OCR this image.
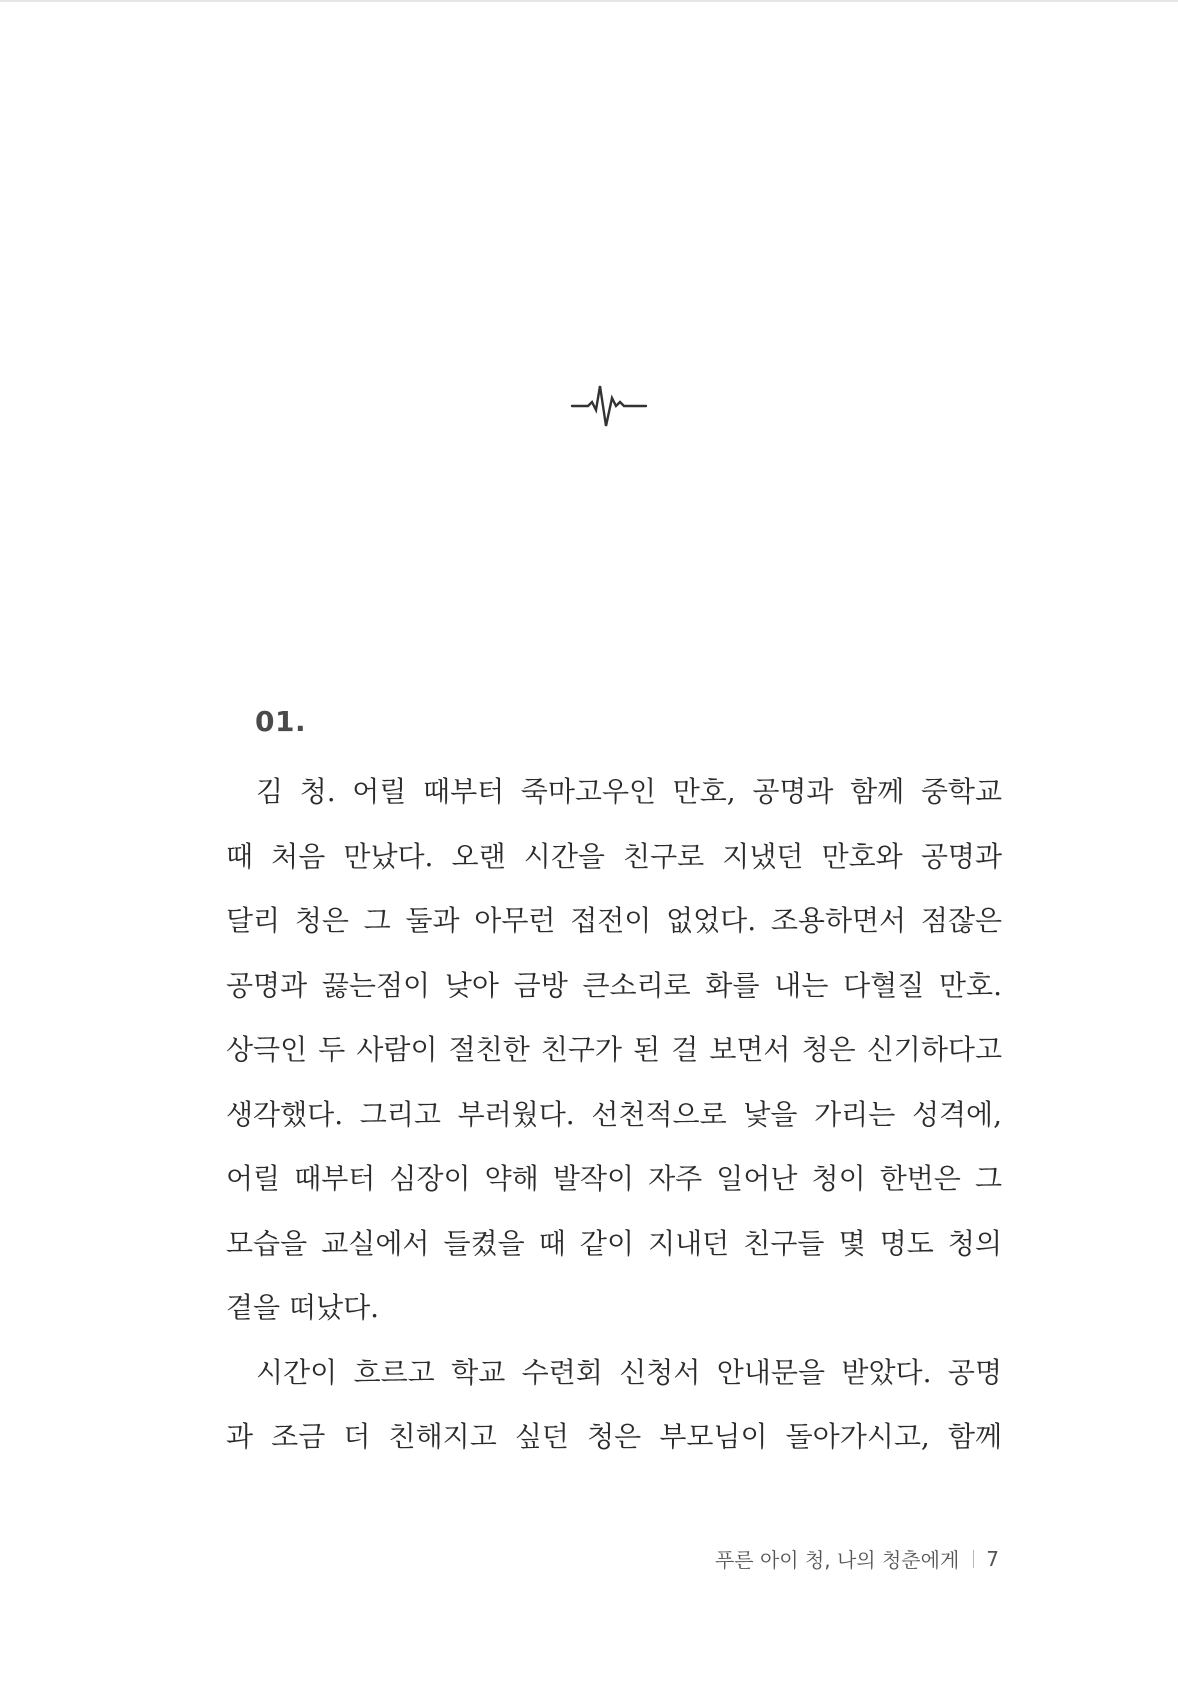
01.
김 청. 어릴 때부터 죽마고우인 만호, 공명과 함께 중학교
때 처음 만났다. 오랜 시간을 친구로 지냈던 만호와 공명과
달리 청은 그 둘과 아무런 접전이 없었다. 조용하면서 점잖은
공명과 끓는점이 낮아 금방 큰소리로 화를 내는 다혈질 만호.
상극인 두 사람이 절친한 친구가 된 걸 보면서 청은 신기하다고
생각했다. 그리고 부러웠다. 선천적으로 낯을 가리는 성격에,
어릴 때부터 심장이 약해 발작이 자주 일어난 청이 한번은 그
모습을 교실에서 들켰을 때 같이 지내던 친구들 몇 명도 청의
곁을 떠났다.
시간이 흐르고 학교 수련회 신청서 안내문을 받았다. 공명
과 조금 더 친해지고 싶던 청은 부모님이 돌아가시고, 함께
푸른 아이 청, 나의 청춘에게 7
